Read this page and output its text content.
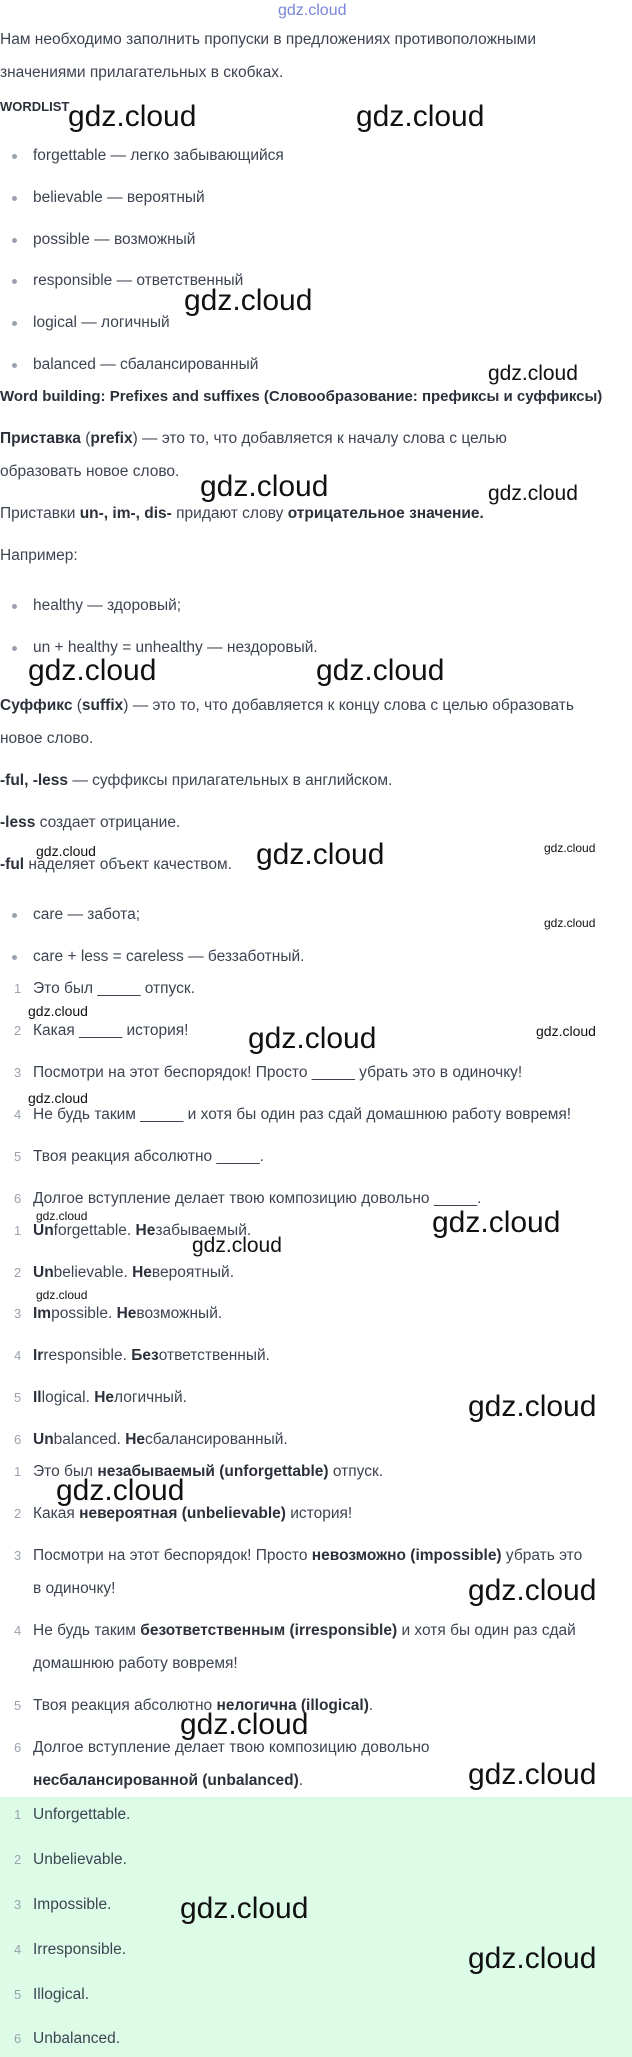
gdz.cloud
Нам необходимо заполнить пропуски в предложениях противоположными
значениями прилагательных в скобках.
WORDLIST
forgettable — легко забывающийся
believable — вероятный
possible — возможный
responsible — ответственный
logical — логичный
balanced — сбалансированный
Word building: Prefixes and suffixes (Словообразование: префиксы и суффиксы)
Приставка (prefix) — это то, что добавляется к началу слова с целью
образовать новое слово.
Приставки un-, im-, dis- придают слову отрицательное значение.
Например:
healthy — здоровый;
un + healthy = unhealthy — нездоровый.
Суффикс (suffix) — это то, что добавляется к концу слова с целью образовать
новое слово.
-ful, -less — суффиксы прилагательных в английском.
-less создает отрицание.
-ful наделяет объект качеством.
care — забота;
care + less = careless — беззаботный.
1 Это был _____ отпуск.
2 Какая _____ история!
3 Посмотри на этот беспорядок! Просто _____ убрать это в одиночку!
4 Не будь таким _____ и хотя бы один раз сдай домашнюю работу вовремя!
5 Твоя реакция абсолютно _____.
6 Долгое вступление делает твою композицию довольно _____.
1 Unforgettable. Незабываемый.
2 Unbelievable. Невероятный.
3 Impossible. Невозможный.
4 Irresponsible. Безответственный.
5 Illogical. Нелогичный.
6 Unbalanced. Несбалансированный.
1 Это был незабываемый (unforgettable) отпуск.
2 Какая невероятная (unbelievable) история!
3 Посмотри на этот беспорядок! Просто невозможно (impossible) убрать это
в одиночку!
4 Не будь таким безответственным (irresponsible) и хотя бы один раз сдай
домашнюю работу вовремя!
5 Твоя реакция абсолютно нелогична (illogical).
6 Долгое вступление делает твою композицию довольно
несбалансированной (unbalanced).
1 Unforgettable.
2 Unbelievable.
3 Impossible.
4 Irresponsible.
5 Illogical.
6 Unbalanced.
gdz.cloud	gdz.cloud
gdz.cloud
gdz.cloud
gdz.cloud	gdz.cloud
gdz.cloud	gdz.cloud
gdz.cloud	gdz.cloud	gdz.cloud
gdz.cloud
gdz.cloud
gdz.cloud	gdz.cloud
gdz.cloud
gdz.cloud	gdz.cloud
gdz.cloud
gdz.cloud
gdz.cloud
gdz.cloud
gdz.cloud
gdz.cloud
gdz.cloud
gdz.cloud
gdz.cloud
